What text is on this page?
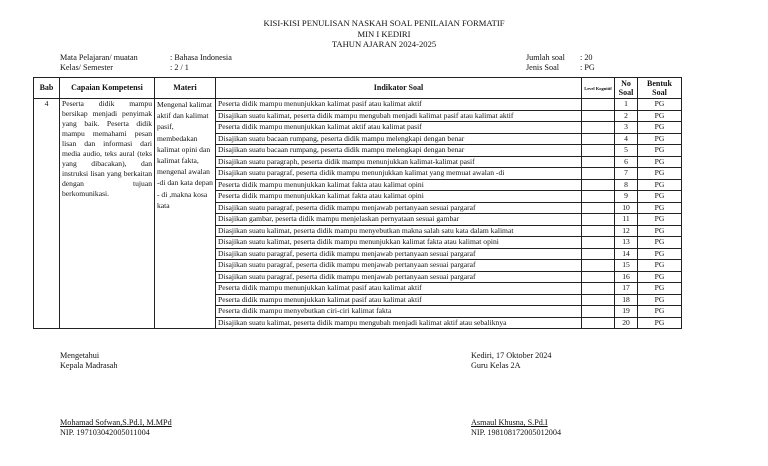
KISI-KISI PENULISAN NASKAH SOAL PENILAIAN FORMATIF
MIN I KEDIRI
TAHUN AJARAN 2024-2025
Mata Pelajaran/ muatan	: Bahasa Indonesia
Kelas/ Semester	: 2 / 1
Jumlah soal : 20
Jenis Soal	: PG
Bab	Capaian Kompetensi	Materi	Indikator Soal	Level Kognitif	No Soal	Bentuk Soal
4	Peserta didik mampu bersikap menjadi penyimak yang baik. Peserta didik mampu memahami pesan lisan dan informasi dari media audio, teks aural (teks yang dibacakan), dan instruksi lisan yang berkaitan dengan tujuan berkomunikasi.	Mengenal kalimat aktif dan kalimat pasif, membedakan kalimat opini dan kalimat fakta, mengenal awalan -di dan kata depan - di ,makna kosa kata	Peserta didik mampu menunjukkan kalimat pasif atau kalimat aktif		1	PG
			Disajikan suatu kalimat, peserta didik mampu mengubah menjadi kalimat pasif atau kalimat aktif		2	PG
			Peserta didik mampu menunjukkan kalimat aktif atau kalimat pasif		3	PG
			Disajikan suatu bacaan rumpang, peserta didik mampu melengkapi dengan benar		4	PG
			Disajikan suatu bacaan rumpang, peserta didik mampu melengkapi dengan benar		5	PG
			Disajikan suatu paragraph, peserta didik mampu menunjukkan kalimat-kalimat pasif		6	PG
			Disajikan suatu paragraf, peserta didik mampu menunjukkan kalimat yang memuat awalan -di		7	PG
			Peserta didik mampu menunjukkan kalimat fakta atau kalimat opini		8	PG
			Peserta didik mampu menunjukkan kalimat fakta atau kalimat opini		9	PG
			Disajikan suatu paragraf, peserta didik mampu menjawab pertanyaan sesuai pargaraf		10	PG
			Disajikan gambar, peserta didik mampu menjelaskan pernyataan sesuai gambar		11	PG
			Diasjikan suatu kalimat, peserta didik mampu menyebutkan makna salah satu kata dalam kalimat		12	PG
			Disajikan suatu kalimat, peserta didik mampu menunjukkan kalimat fakta atau kalimat opini		13	PG
			Disajikan suatu paragraf, peserta didik mampu menjawab pertanyaan sesuai pargaraf		14	PG
			Disajikan suatu paragraf, peserta didik mampu menjawab pertanyaan sesuai pargaraf		15	PG
			Disajikan suatu paragraf, peserta didik mampu menjawab pertanyaan sesuai pargaraf		16	PG
			Peserta didik mampu menunjukkan kalimat pasif atau kalimat aktif		17	PG
			Peserta didik mampu menunjukkan kalimat pasif atau kalimat aktif		18	PG
			Peserta didik mampu menyebutkan ciri-ciri kalimat fakta		19	PG
			Disajikan suatu kalimat, peserta didik mampu mengubah menjadi kalimat aktif atau sebaliknya		20	PG
Mengetahui
Kepala Madrasah
Kediri, 17 Oktober 2024
Guru Kelas 2A
Mohamad Sofwan,S.Pd.I, M.MPd
NIP. 197103042005011004
Asmaul Khusna, S.Pd.I
NIP. 198108172005012004
